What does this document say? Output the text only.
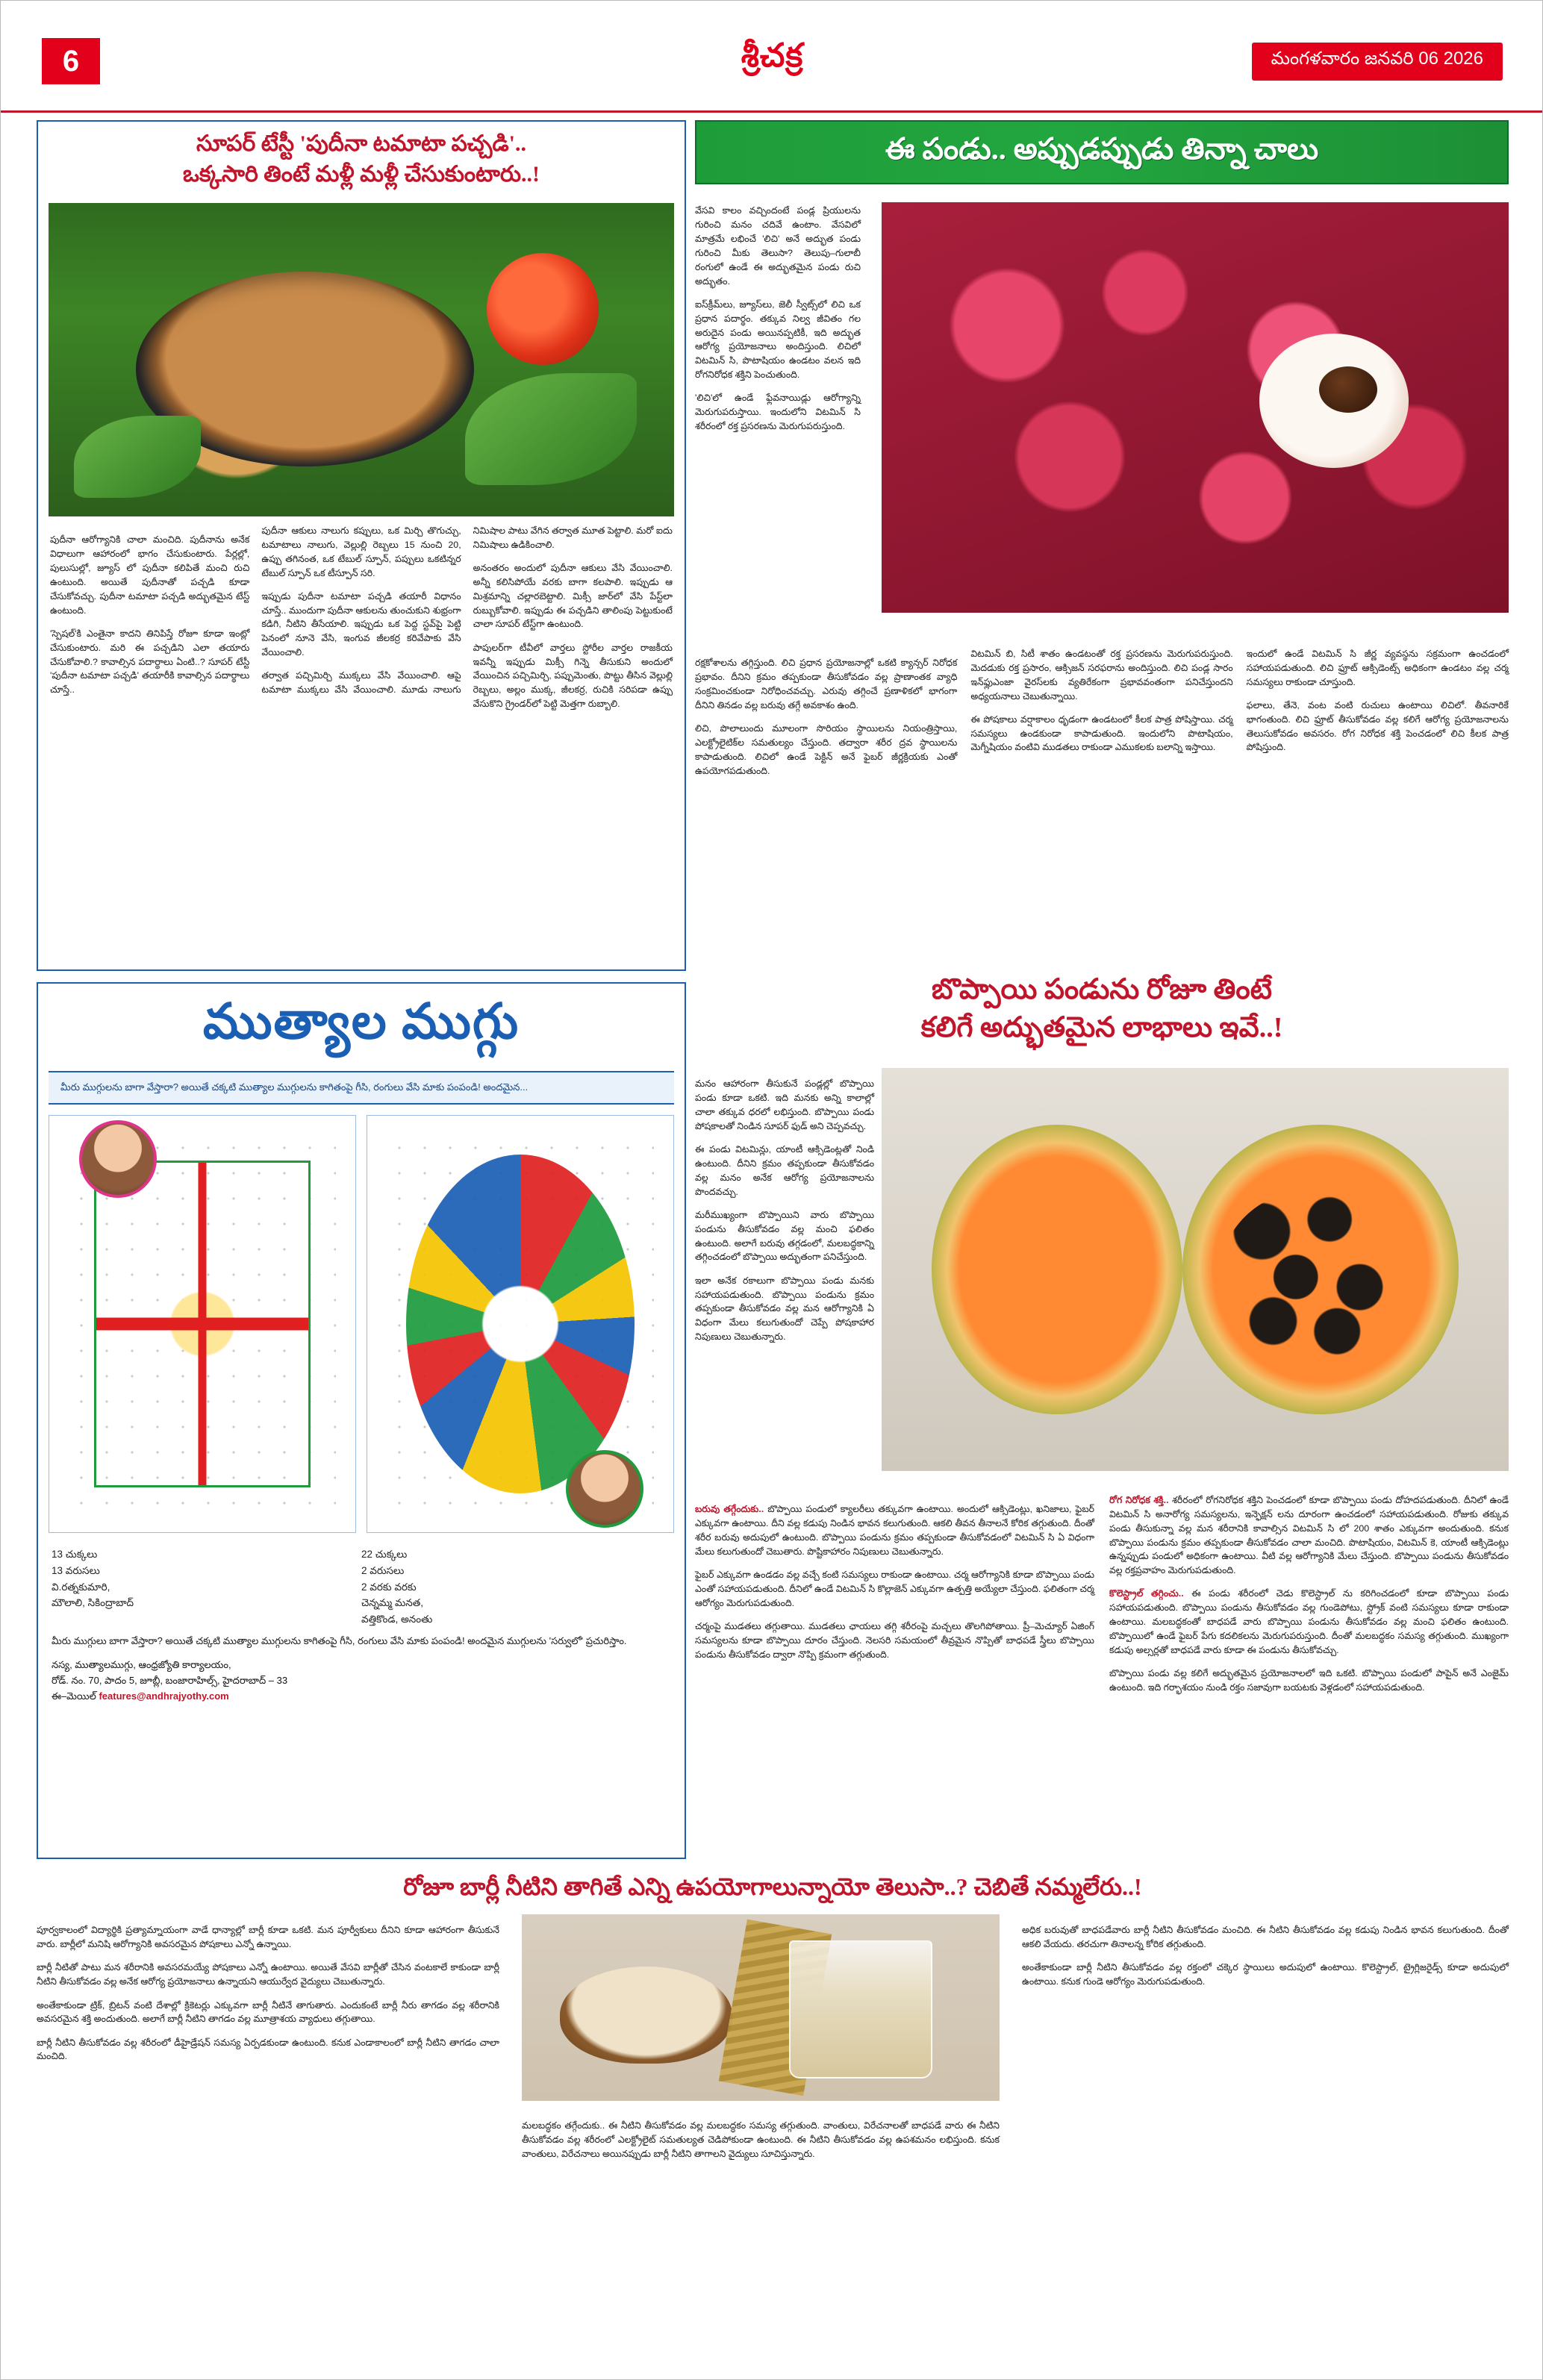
6	శ్రీచక్ర	మంగళవారం జనవరి 06 2026
సూపర్ టేస్టీ 'పుదీనా టమాటా పచ్చడి'..
ఒక్కసారి తింటే మళ్లీ మళ్లీ చేసుకుంటారు..!

పుదీనా ఆరోగ్యానికి చాలా మంచిది. పుదీనాను అనేక విధాలుగా ఆహారంలో భాగం చేసుకుంటారు. పేర్లల్లో, పులుసుల్లో, జ్యూస్‌ లో పుదీనా కలిపితే మంచి రుచి ఉంటుంది. అయితే పుదీనాతో పచ్చడి కూడా చేసుకోవచ్చు. పుదీనా టమాటా పచ్చడి అద్భుతమైన టేస్ట్ ఉంటుంది.

'స్పెషల్'కి ఎంతైనా కాదని తినిపిస్తే రోజూ కూడా ఇంట్లో చేసుకుంటారు. మరి ఈ పచ్చడిని ఎలా తయారు చేసుకోవాలి.? కావాల్సిన పదార్థాలు ఏంటి..? సూపర్ టేస్టీ 'పుదీనా టమాటా పచ్చడి' తయారీకి కావాల్సిన పదార్థాలు చూస్తే..

పుదీనా ఆకులు నాలుగు కప్పులు, ఒక మిర్చి తొగుచ్చు, టమాటాలు నాలుగు, వెల్లుల్లి రెబ్బలు 15 నుంచి 20, ఉప్పు తగినంత, ఒక టేబుల్ స్పూన్, పప్పులు ఒకటిన్నర టేబుల్ స్పూన్ ఒక టీస్పూన్ సరి.

ఇప్పుడు పుదీనా టమాటా పచ్చడి తయారీ విధానం చూస్తే.. ముందుగా పుదీనా ఆకులను తుంచుకుని శుభ్రంగా కడిగి, నీటిని తీసేయాలి. ఇప్పుడు ఒక పెద్ద స్టవ్‌పై పెట్టి పెనంలో నూనె వేసి, ఇంగువ జీలకర్ర కరివేపాకు వేసి వేయించాలి.

తర్వాత పచ్చిమిర్చి ముక్కలు వేసి వేయించాలి. ఆపై టమాటా ముక్కలు వేసి వేయించాలి. మూడు నాలుగు నిమిషాల పాటు వేగిన తర్వాత మూత పెట్టాలి. మరో ఐదు నిమిషాలు ఉడికించాలి.

అనంతరం అందులో పుదీనా ఆకులు వేసి వేయించాలి. అన్నీ కలిసిపోయే వరకు బాగా కలపాలి. ఇప్పుడు ఆ మిశ్రమాన్ని చల్లారబెట్టాలి. మిక్సీ జార్‌లో వేసి పేస్ట్‌లా రుబ్బుకోవాలి. ఇప్పుడు ఈ పచ్చడిని తాలింపు పెట్టుకుంటే చాలా సూపర్ టేస్ట్‌గా ఉంటుంది.

పాపులర్‌గా టీవీలో వార్తలు స్టోరీల వార్తల రాజకీయ ఇవన్నీ ఇప్పుడు మిక్సీ గిన్నె తీసుకుని అందులో వేయించిన పచ్చిమిర్చి, పప్పుమెంతు, పొట్టు తీసిన వెల్లుల్లి రెబ్బలు, అల్లం ముక్క, జీలకర్ర, రుచికి సరిపడా ఉప్పు వేసుకొని గ్రైండర్‌లో పెట్టి మెత్తగా రుబ్బాలి.

ఈ పండు.. అప్పుడప్పుడు తిన్నా చాలు

వేసవి కాలం వచ్చిందంటే పండ్ల ప్రియులను గురించి మనం చదివే ఉంటాం. వేసవిలో మాత్రమే లభించే 'లిచి' అనే అద్భుత పండు గురించి మీకు తెలుసా? తెలుపు–గులాబీ రంగులో ఉండే ఈ అద్భుతమైన పండు రుచి అద్భుతం.

ఐస్‌క్రీమ్‌లు, జ్యూస్‌లు, జెలీ స్వీట్స్‌లో లిచి ఒక ప్రధాన పదార్థం. తక్కువ నిల్వ జీవితం గల అరుదైన పండు అయినప్పటికీ, ఇది అద్భుత ఆరోగ్య ప్రయోజనాలు అందిస్తుంది. లిచిలో విటమిన్ సి, పొటాషియం ఉండటం వలన ఇది రోగనిరోధక శక్తిని పెంచుతుంది.

'లిచి'లో ఉండే ఫ్లేవనాయిడ్లు ఆరోగ్యాన్ని మెరుగుపరుస్తాయి. ఇందులోని విటమిన్ సి శరీరంలో రక్త ప్రసరణను మెరుగుపరుస్తుంది.

రక్షకోశాలను తగ్గిస్తుంది. లిచి ప్రధాన ప్రయోజనాల్లో ఒకటి క్యాన్సర్ నిరోధక ప్రభావం. దీనిని క్రమం తప్పకుండా తీసుకోవడం వల్ల ప్రాణాంతక వ్యాధి సంక్రమించకుండా నిరోధించవచ్చు. ఎరువు తగ్గించే ప్రణాళికలో భాగంగా దీనిని తినడం వల్ల బరువు తగ్గే అవకాశం ఉంది.

లిచి, పొలాలుందు మూలంగా సొరియం స్థాయిలను నియంత్రిస్తాయి, ఎలక్ట్రోలైటిక్‌ల సమతుల్యం చేస్తుంది. తద్వారా శరీర ద్రవ స్థాయిలను కాపాడుతుంది. లిచిలో ఉండే పెక్టిన్‌ అనే ఫైబర్ జీర్ణక్రియకు ఎంతో ఉపయోగపడుతుంది.

విటమిన్ బి, సిటీ శాతం ఉండటంతో రక్త ప్రసరణను మెరుగుపరుస్తుంది. మెదడుకు రక్త ప్రసారం, ఆక్సిజన్ సరఫరాను అందిస్తుంది. లిచి పండ్ల సారం ఇన్‌ఫ్లుఎంజా వైరస్‌లకు వ్యతిరేకంగా ప్రభావవంతంగా పనిచేస్తుందని అధ్యయనాలు చెబుతున్నాయి.

ఈ పోషకాలు వర్షాకాలం ధృడంగా ఉండటంలో కీలక పాత్ర పోషిస్తాయి. చర్మ సమస్యలు ఉండకుండా కాపాడుతుంది. ఇందులోని పొటాషియం, మెగ్నీషియం వంటివి ముడతలు రాకుండా ఎముకలకు బలాన్ని ఇస్తాయి.

ఇందులో ఉండే విటమిన్ సి జీర్ణ వ్యవస్థను సక్రమంగా ఉంచడంలో సహాయపడుతుంది. లిచి ఫ్రూట్‌ ఆక్సిడెంట్స్ అధికంగా ఉండటం వల్ల చర్మ సమస్యలు రాకుండా చూస్తుంది.

ఫలాలు, తేనె, వంట వంటి రుచులు ఉంటాయి లిచిలో. తీవనారికే భాగంతుంది. లిచి ఫ్రూట్‌ తీసుకోవడం వల్ల కలిగే ఆరోగ్య ప్రయోజనాలను తెలుసుకోవడం అవసరం. రోగ నిరోధక శక్తి పెంచడంలో లిచి కీలక పాత్ర పోషిస్తుంది.

ముత్యాల ముగ్గు
మీరు ముగ్గులను బాగా వేస్తారా? అయితే చక్కటి ముత్యాల ముగ్గులను కాగితంపై గీసి, రంగులు వేసి మాకు పంపండి! అందమైన...
13 చుక్కలు
13 వరుసలు
వి.రత్నకుమారి,
మౌలాలి, సికింద్రాబాద్
22 చుక్కలు
2 వరుసలు
2 వరకు వరకు
చెన్నమ్మ మనత,
వత్తికొండ, అనంతు
మీరు ముగ్గులు బాగా వేస్తారా? అయితే చక్కటి ముత్యాల ముగ్గులను కాగితంపై గీసి, రంగులు వేసి మాకు పంపండి! అందమైన ముగ్గులను 'సర్వులో' ప్రచురిస్తాం.
నస్య, ముత్యాలముగ్గు, ఆంధ్రజ్యోతి కార్యాలయం,
రోడ్. నం. 70, పాదం 5, జూబ్లీ, బంజారాహిల్స్, హైదరాబాద్ – 33
ఈ–మెయిల్ features@andhrajyothy.com
బొప్పాయి పండును రోజూ తింటే
కలిగే అద్భుతమైన లాభాలు ఇవే..!

మనం ఆహారంగా తీసుకునే పండ్లల్లో బొప్పాయి పండు కూడా ఒకటి. ఇది మనకు అన్ని కాలాల్లో చాలా తక్కువ ధరలో లభిస్తుంది. బొప్పాయి పండు పోషకాలతో నిండిన సూపర్ ఫుడ్ అని చెప్పవచ్చు.

ఈ పండు విటమిన్లు, యాంటీ ఆక్సిడెంట్లతో నిండి ఉంటుంది. దీనిని క్రమం తప్పకుండా తీసుకోవడం వల్ల మనం అనేక ఆరోగ్య ప్రయోజనాలను పొందవచ్చు.

మరీముఖ్యంగా బొప్పాయిని వారు బొప్పాయి పండును తీసుకోవడం వల్ల మంచి ఫలితం ఉంటుంది. అలాగే బరువు తగ్గడంలో, మలబద్ధకాన్ని తగ్గించడంలో బొప్పాయి అద్భుతంగా పనిచేస్తుంది.

ఇలా అనేక రకాలుగా బొప్పాయి పండు మనకు సహాయపడుతుంది. బొప్పాయి పండును క్రమం తప్పకుండా తీసుకోవడం వల్ల మన ఆరోగ్యానికి ఏ విధంగా మేలు కలుగుతుందో చెప్పే పోషకాహార నిపుణులు చెబుతున్నారు.

బరువు తగ్గేందుకు.. బొప్పాయి పండులో క్యాలరీలు తక్కువగా ఉంటాయి. అందులో ఆక్సిడెంట్లు, ఖనిజాలు, ఫైబర్ ఎక్కువగా ఉంటాయి. దీని వల్ల కడుపు నిండిన భావన కలుగుతుంది. ఆకలి తీవన తీనాలనే కోరిక తగ్గుతుంది. దీంతో శరీర బరువు అదుపులో ఉంటుంది. బొప్పాయి పండును క్రమం తప్పకుండా తీసుకోవడంలో విటమిన్ సి ఏ విధంగా మేలు కలుగుతుందో చెబుతారు. పొష్టికాహారం నిపుణులు చెబుతున్నారు.

ఫైబర్ ఎక్కువగా ఉండడం వల్ల వచ్చే కంటి సమస్యలు రాకుండా ఉంటాయి. చర్మ ఆరోగ్యానికి కూడా బొప్పాయి పండు ఎంతో సహాయపడుతుంది. దీనిలో ఉండే విటమిన్ సి కొల్లాజెన్ ఎక్కువగా ఉత్పత్తి అయ్యేలా చేస్తుంది. ఫలితంగా చర్మ ఆరోగ్యం మెరుగుపడుతుంది.

చర్మంపై ముడతలు తగ్గుతాయి. ముడతలు ఛాయలు తగ్గి శరీరంపై మచ్చలు తొలగిపోతాయి. ప్రీ–మెచ్యూర్ ఏజింగ్ సమస్యలను కూడా బొప్పాయి దూరం చేస్తుంది. నెలసరి సమయంలో తీవ్రమైన నొప్పితో బాధపడే స్త్రీలు బొప్పాయి పండును తీసుకోవడం ద్వారా నొప్పి క్రమంగా తగ్గుతుంది.

రోగ నిరోధక శక్తి.. శరీరంలో రోగనిరోధక శక్తిని పెంచడంలో కూడా బొప్పాయి పండు దోహదపడుతుంది. దీనిలో ఉండే విటమిన్ సి అనారోగ్య సమస్యలను, ఇన్ఫెక్షన్ లను దూరంగా ఉంచడంలో సహాయపడుతుంది. రోజుకు తక్కువ పండు తీసుకున్నా వల్ల మన శరీరానికి కావాల్సిన విటమిన్ సి లో 200 శాతం ఎక్కువగా అందుతుంది. కనుక బొప్పాయి పండును క్రమం తప్పకుండా తీసుకోవడం చాలా మంచిది. పొటాషియం, విటమిన్ కె, యాంటీ ఆక్సిడెంట్లు ఉన్నప్పుడు పండులో అధికంగా ఉంటాయి. వీటి వల్ల ఆరోగ్యానికి మేలు చేస్తుంది. బొప్పాయి పండును తీసుకోవడం వల్ల రక్తప్రవాహం మెరుగుపడుతుంది.

కొలెస్ట్రాల్ తగ్గించు.. ఈ పండు శరీరంలో చెడు కొలెస్ట్రాల్ ను కరిగించడంలో కూడా బొప్పాయి పండు సహాయపడుతుంది. బొప్పాయి పండును తీసుకోవడం వల్ల గుండెపోటు, స్ట్రోక్ వంటి సమస్యలు కూడా రాకుండా ఉంటాయి. మలబద్ధకంతో బాధపడే వారు బొప్పాయి పండును తీసుకోవడం వల్ల మంచి ఫలితం ఉంటుంది. బొప్పాయిలో ఉండే ఫైబర్ పేగు కదలికలను మెరుగుపరుస్తుంది. దీంతో మలబద్ధకం సమస్య తగ్గుతుంది. ముఖ్యంగా కడుపు అల్సర్లతో బాధపడే వారు కూడా ఈ పండును తీసుకోవచ్చు.

బొప్పాయి పండు వల్ల కలిగే అద్భుతమైన ప్రయోజనాలలో ఇది ఒకటి. బొప్పాయి పండులో పాపైన్ అనే ఎంజైమ్ ఉంటుంది. ఇది గర్భాశయం నుండి రక్తం సజావుగా బయటకు వెళ్లడంలో సహాయపడుతుంది.

రోజూ బార్లీ నీటిని తాగితే ఎన్ని ఉపయోగాలున్నాయో తెలుసా..? చెబితే నమ్మలేరు..!

పూర్వకాలంలో విద్యార్థికి ప్రత్యామ్నాయంగా వాడే ధాన్యాల్లో బార్లీ కూడా ఒకటి. మన పూర్వీకులు దీనిని కూడా ఆహారంగా తీసుకునే వారు. బార్లీలో మనిషి ఆరోగ్యానికి అవసరమైన పోషకాలు ఎన్నో ఉన్నాయి.

బార్లీ నీటితో పాటు మన శరీరానికి అవసరమయ్యే పోషకాలు ఎన్నో ఉంటాయి. అయితే వేసవి బార్లీతో చేసిన వంటకాలే కాకుండా బార్లీ నీటిని తీసుకోవడం వల్ల అనేక ఆరోగ్య ప్రయోజనాలు ఉన్నాయని ఆయుర్వేద వైద్యులు చెబుతున్నారు.

అంతేకాకుండా ట్రిక్, బ్రిటన్ వంటి దేశాల్లో క్రికెటర్లు ఎక్కువగా బార్లీ నీటినే తాగుతారు. ఎందుకంటే బార్లీ నీరు తాగడం వల్ల శరీరానికి అవసరమైన శక్తి అందుతుంది. అలాగే బార్లీ నీటిని తాగడం వల్ల మూత్రాశయ వ్యాధులు తగ్గుతాయి.

బార్లీ నీటిని తీసుకోవడం వల్ల శరీరంలో డీహైడ్రేషన్ సమస్య ఏర్పడకుండా ఉంటుంది. కనుక ఎండాకాలంలో బార్లీ నీటిని తాగడం చాలా మంచిది.

మలబద్ధకం తగ్గేందుకు.. ఈ నీటిని తీసుకోవడం వల్ల మలబద్ధకం సమస్య తగ్గుతుంది. వాంతులు, విరేచనాలతో బాధపడే వారు ఈ నీటిని తీసుకోవడం వల్ల శరీరంలో ఎలక్ట్రోలైట్ సమతుల్యత చెడిపోకుండా ఉంటుంది. ఈ నీటిని తీసుకోవడం వల్ల ఉపశమనం లభిస్తుంది. కనుక వాంతులు, విరేచనాలు అయినప్పుడు బార్లీ నీటిని తాగాలని వైద్యులు సూచిస్తున్నారు.

అధిక బరువుతో బాధపడేవారు బార్లీ నీటిని తీసుకోవడం మంచిది. ఈ నీటిని తీసుకోవడం వల్ల కడుపు నిండిన భావన కలుగుతుంది. దీంతో ఆకలి వేయదు. తరచుగా తినాలన్న కోరిక తగ్గుతుంది.

అంతేకాకుండా బార్లీ నీటిని తీసుకోవడం వల్ల రక్తంలో చక్కెర స్థాయిలు అదుపులో ఉంటాయి. కొలెస్ట్రాల్, ట్రైగ్లిజరైడ్స్ కూడా అదుపులో ఉంటాయి. కనుక గుండె ఆరోగ్యం మెరుగుపడుతుంది.
